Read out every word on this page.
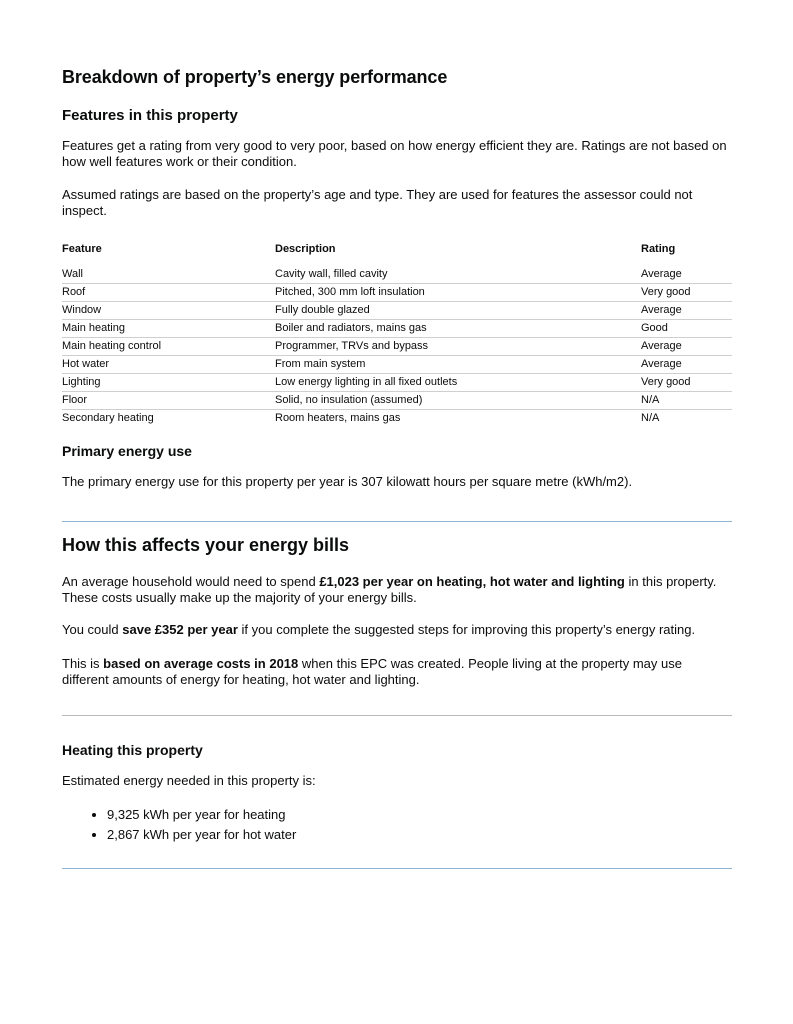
Breakdown of property’s energy performance
Features in this property

Features get a rating from very good to very poor, based on how energy efficient they are. Ratings are not based on how well features work or their condition.

Assumed ratings are based on the property’s age and type. They are used for features the assessor could not inspect.

Feature	Description	Rating
Wall	Cavity wall, filled cavity	Average
Roof	Pitched, 300 mm loft insulation	Very good
Window	Fully double glazed	Average
Main heating	Boiler and radiators, mains gas	Good
Main heating control	Programmer, TRVs and bypass	Average
Hot water	From main system	Average
Lighting	Low energy lighting in all fixed outlets	Very good
Floor	Solid, no insulation (assumed)	N/A
Secondary heating	Room heaters, mains gas	N/A
Primary energy use

The primary energy use for this property per year is 307 kilowatt hours per square metre (kWh/m2).

How this affects your energy bills

An average household would need to spend £1,023 per year on heating, hot water and lighting in this property. These costs usually make up the majority of your energy bills.

You could save £352 per year if you complete the suggested steps for improving this property’s energy rating.

This is based on average costs in 2018 when this EPC was created. People living at the property may use different amounts of energy for heating, hot water and lighting.

Heating this property

Estimated energy needed in this property is:

• 9,325 kWh per year for heating
• 2,867 kWh per year for hot water
